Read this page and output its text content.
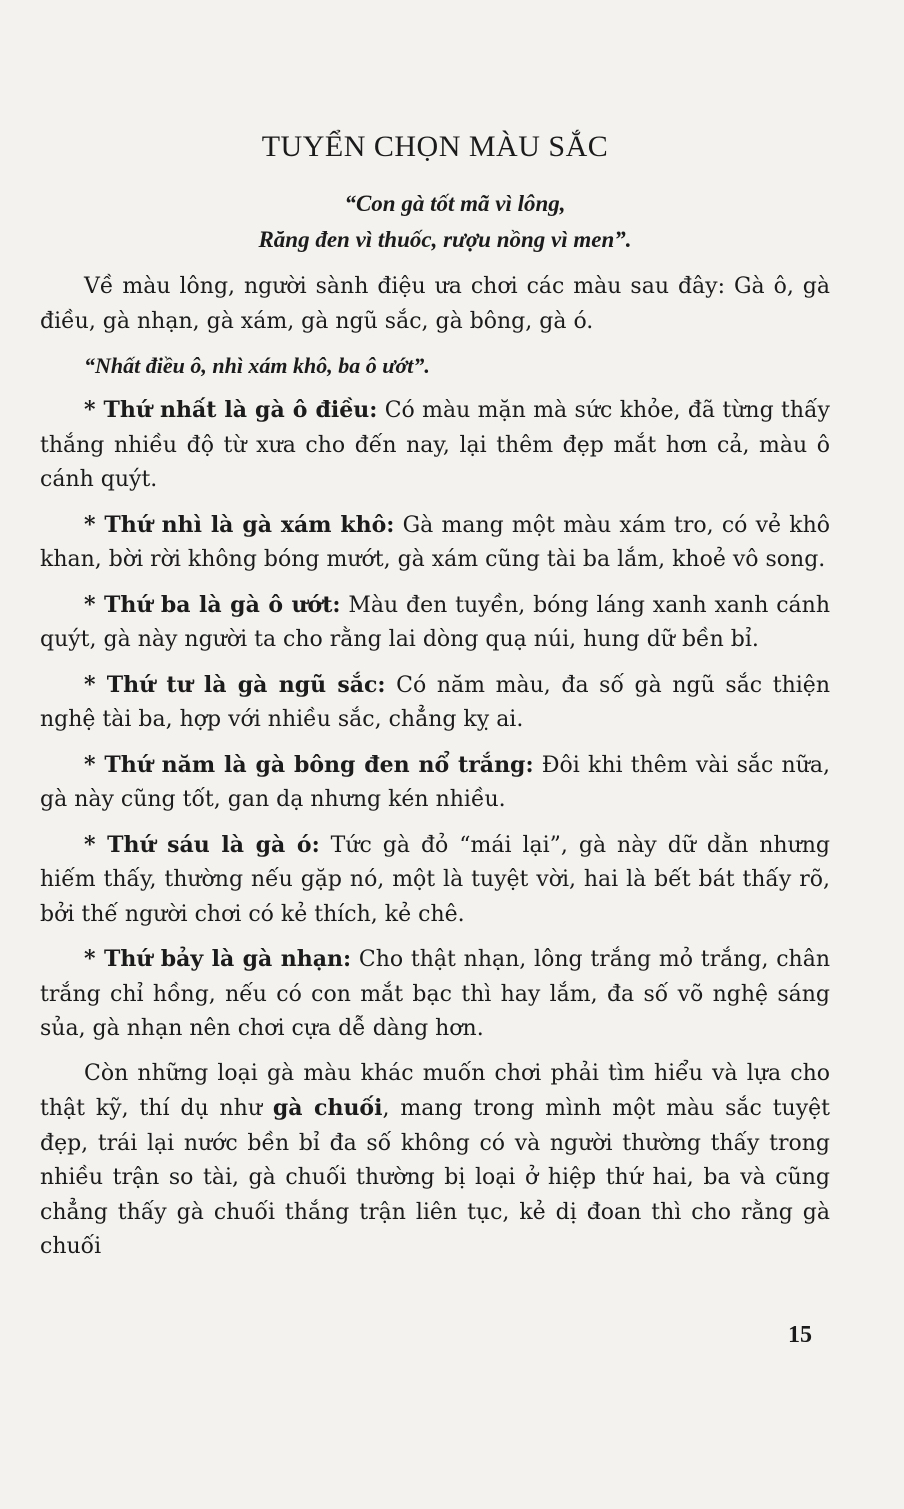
TUYỂN CHỌN MÀU SẮC
“Con gà tốt mã vì lông,
Răng đen vì thuốc, rượu nồng vì men”.

Về màu lông, người sành điệu ưa chơi các màu sau đây: Gà ô, gà điều, gà nhạn, gà xám, gà ngũ sắc, gà bông, gà ó.

“Nhất điều ô, nhì xám khô, ba ô ướt”.

* Thứ nhất là gà ô điều: Có màu mặn mà sức khỏe, đã từng thấy thắng nhiều độ từ xưa cho đến nay, lại thêm đẹp mắt hơn cả, màu ô cánh quýt.

* Thứ nhì là gà xám khô: Gà mang một màu xám tro, có vẻ khô khan, bời rời không bóng mướt, gà xám cũng tài ba lắm, khoẻ vô song.

* Thứ ba là gà ô ướt: Màu đen tuyền, bóng láng xanh xanh cánh quýt, gà này người ta cho rằng lai dòng quạ núi, hung dữ bền bỉ.

* Thứ tư là gà ngũ sắc: Có năm màu, đa số gà ngũ sắc thiện nghệ tài ba, hợp với nhiều sắc, chẳng kỵ ai.

* Thứ năm là gà bông đen nổ trắng: Đôi khi thêm vài sắc nữa, gà này cũng tốt, gan dạ nhưng kén nhiều.

* Thứ sáu là gà ó: Tức gà đỏ “mái lại”, gà này dữ dằn nhưng hiếm thấy, thường nếu gặp nó, một là tuyệt vời, hai là bết bát thấy rõ, bởi thế người chơi có kẻ thích, kẻ chê.

* Thứ bảy là gà nhạn: Cho thật nhạn, lông trắng mỏ trắng, chân trắng chỉ hồng, nếu có con mắt bạc thì hay lắm, đa số võ nghệ sáng sủa, gà nhạn nên chơi cựa dễ dàng hơn.

Còn những loại gà màu khác muốn chơi phải tìm hiểu và lựa cho thật kỹ, thí dụ như gà chuối, mang trong mình một màu sắc tuyệt đẹp, trái lại nước bền bỉ đa số không có và người thường thấy trong nhiều trận so tài, gà chuối thường bị loại ở hiệp thứ hai, ba và cũng chẳng thấy gà chuối thắng trận liên tục, kẻ dị đoan thì cho rằng gà chuối

15
